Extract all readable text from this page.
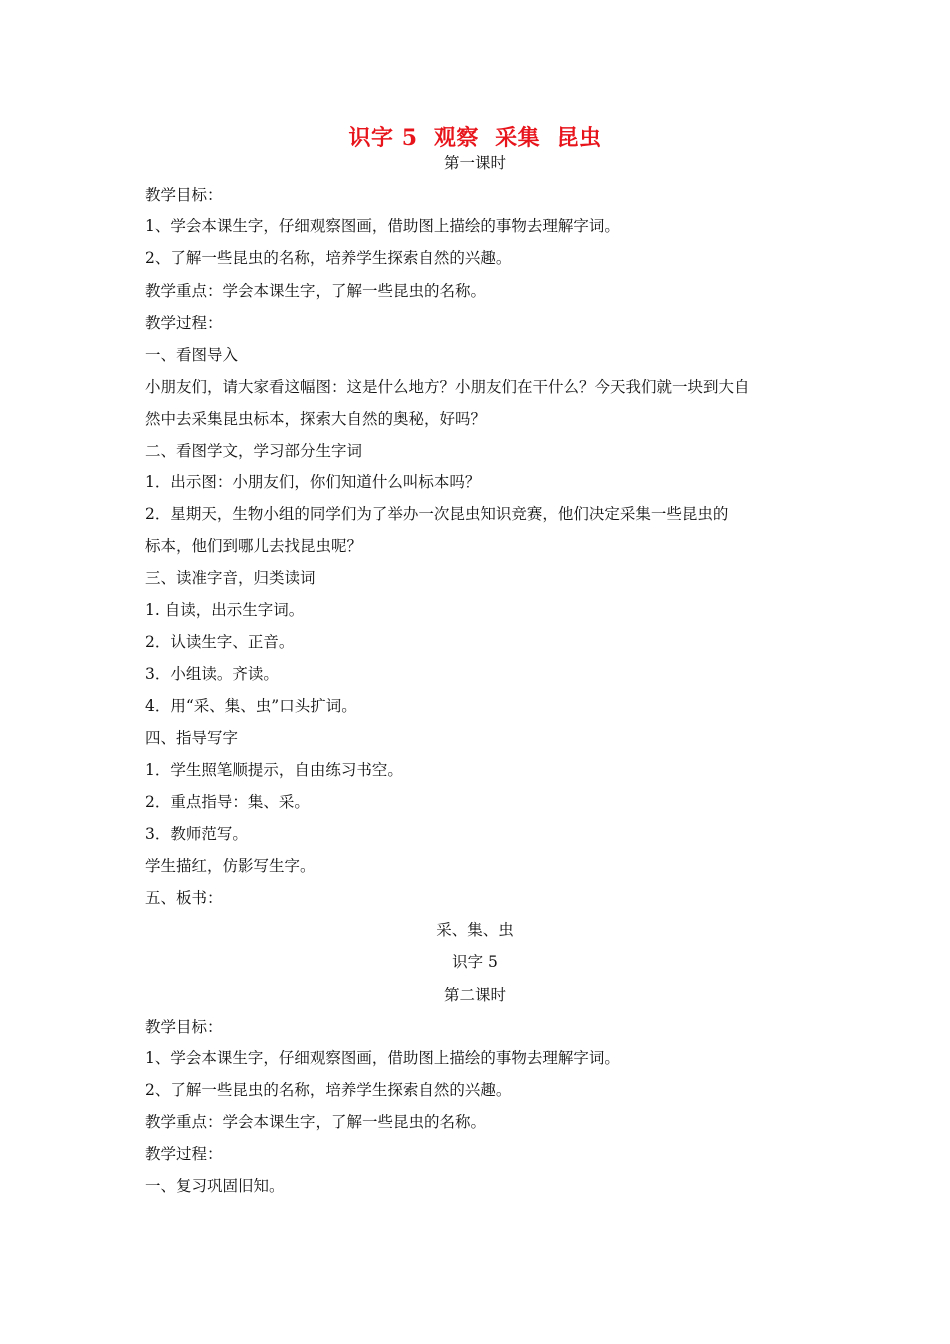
识字 5  观察  采集  昆虫
第一课时
教学目标：
1、学会本课生字，仔细观察图画，借助图上描绘的事物去理解字词。
2、了解一些昆虫的名称，培养学生探索自然的兴趣。
教学重点：学会本课生字，了解一些昆虫的名称。
教学过程：
一、看图导入
小朋友们，请大家看这幅图：这是什么地方？小朋友们在干什么？今天我们就一块到大自
然中去采集昆虫标本，探索大自然的奥秘，好吗？
二、看图学文，学习部分生字词
1．出示图：小朋友们，你们知道什么叫标本吗？
2．星期天，生物小组的同学们为了举办一次昆虫知识竞赛，他们决定采集一些昆虫的
标本，他们到哪儿去找昆虫呢？
三、读准字音，归类读词
1. 自读，出示生字词。
2．认读生字、正音。
3．小组读。齐读。
4．用“采、集、虫”口头扩词。
四、指导写字
1．学生照笔顺提示，自由练习书空。
2．重点指导：集、采。
3．教师范写。
学生描红，仿影写生字。
五、板书：
采、集、虫
识字 5
第二课时
教学目标：
1、学会本课生字，仔细观察图画，借助图上描绘的事物去理解字词。
2、了解一些昆虫的名称，培养学生探索自然的兴趣。
教学重点：学会本课生字，了解一些昆虫的名称。
教学过程：
一、复习巩固旧知。
